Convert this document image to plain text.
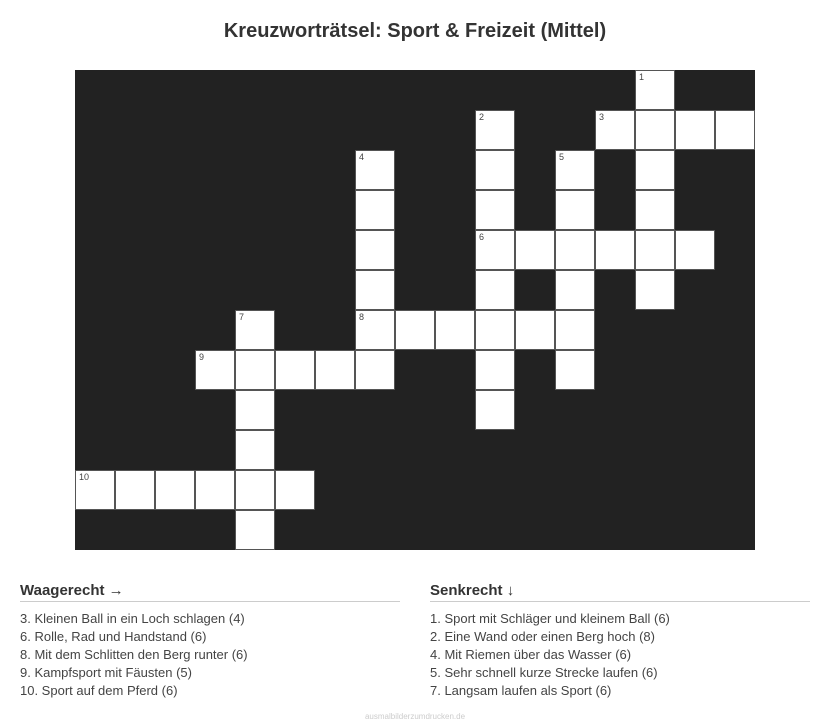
Kreuzworträtsel: Sport & Freizeit (Mittel)
1
2	3
4	5
6
7	8
9
10
Waagerecht →
3. Kleinen Ball in ein Loch schlagen (4)
6. Rolle, Rad und Handstand (6)
8. Mit dem Schlitten den Berg runter (6)
9. Kampfsport mit Fäusten (5)
10. Sport auf dem Pferd (6)
Senkrecht ↓
1. Sport mit Schläger und kleinem Ball (6)
2. Eine Wand oder einen Berg hoch (8)
4. Mit Riemen über das Wasser (6)
5. Sehr schnell kurze Strecke laufen (6)
7. Langsam laufen als Sport (6)
ausmalbilderzumdrucken.de
